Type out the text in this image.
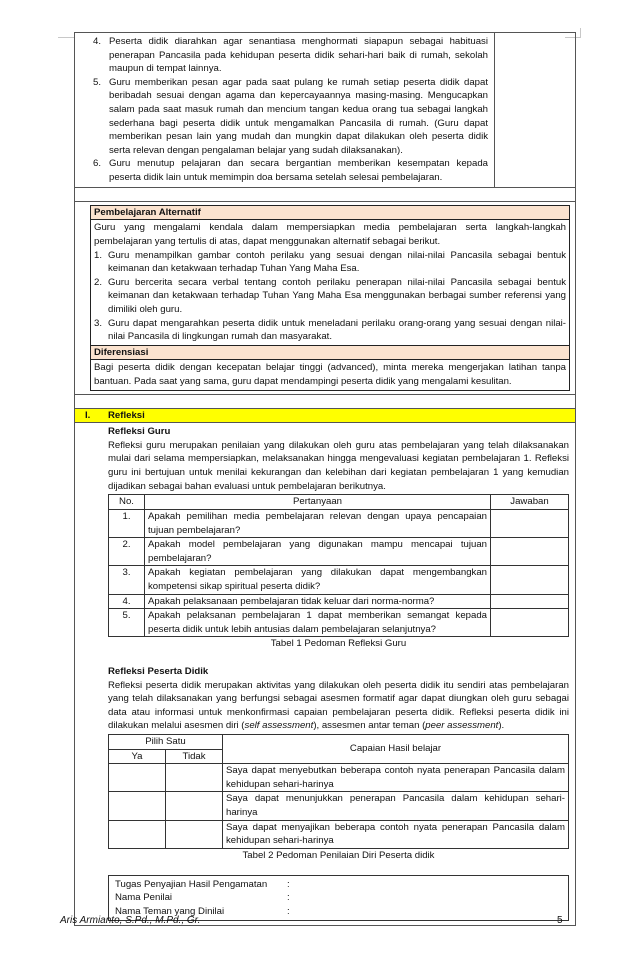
4. Peserta didik diarahkan agar senantiasa menghormati siapapun sebagai habituasi penerapan Pancasila pada kehidupan peserta didik sehari-hari baik di rumah, sekolah maupun di tempat lainnya.
5. Guru memberikan pesan agar pada saat pulang ke rumah setiap peserta didik dapat beribadah sesuai dengan agama dan kepercayaannya masing-masing. Mengucapkan salam pada saat masuk rumah dan mencium tangan kedua orang tua sebagai langkah sederhana bagi peserta didik untuk mengamalkan Pancasila di rumah. (Guru dapat memberikan pesan lain yang mudah dan mungkin dapat dilakukan oleh peserta didik serta relevan dengan pengalaman belajar yang sudah dilaksanakan).
6. Guru menutup pelajaran dan secara bergantian memberikan kesempatan kepada peserta didik lain untuk memimpin doa bersama setelah selesai pembelajaran.
Pembelajaran Alternatif
Guru yang mengalami kendala dalam mempersiapkan media pembelajaran serta langkah-langkah pembelajaran yang tertulis di atas, dapat menggunakan alternatif sebagai berikut.
1. Guru menampilkan gambar contoh perilaku yang sesuai dengan nilai-nilai Pancasila sebagai bentuk keimanan dan ketakwaan terhadap Tuhan Yang Maha Esa.
2. Guru bercerita secara verbal tentang contoh perilaku penerapan nilai-nilai Pancasila sebagai bentuk keimanan dan ketakwaan terhadap Tuhan Yang Maha Esa menggunakan berbagai sumber referensi yang dimiliki oleh guru.
3. Guru dapat mengarahkan peserta didik untuk meneladani perilaku orang-orang yang sesuai dengan nilai-nilai Pancasila di lingkungan rumah dan masyarakat.
Diferensiasi
Bagi peserta didik dengan kecepatan belajar tinggi (advanced), minta mereka mengerjakan latihan tanpa bantuan. Pada saat yang sama, guru dapat mendampingi peserta didik yang mengalami kesulitan.
I.	Refleksi
Refleksi Guru
Refleksi guru merupakan penilaian yang dilakukan oleh guru atas pembelajaran yang telah dilaksanakan mulai dari selama mempersiapkan, melaksanakan hingga mengevaluasi kegiatan pembelajaran 1. Refleksi guru ini bertujuan untuk menilai kekurangan dan kelebihan dari kegiatan pembelajaran 1 yang kemudian dijadikan sebagai bahan evaluasi untuk pembelajaran berikutnya.
No.	Pertanyaan	Jawaban
1.	Apakah pemilihan media pembelajaran relevan dengan upaya pencapaian tujuan pembelajaran?	
2.	Apakah model pembelajaran yang digunakan mampu mencapai tujuan pembelajaran?	
3.	Apakah kegiatan pembelajaran yang dilakukan dapat mengembangkan kompetensi sikap spiritual peserta didik?	
4.	Apakah pelaksanaan pembelajaran tidak keluar dari norma-norma?	
5.	Apakah pelaksanan pembelajaran 1 dapat memberikan semangat kepada peserta didik untuk lebih antusias dalam pembelajaran selanjutnya?	
Tabel 1 Pedoman Refleksi Guru
Refleksi Peserta Didik
Refleksi peserta didik merupakan aktivitas yang dilakukan oleh peserta didik itu sendiri atas pembelajaran yang telah dilaksanakan yang berfungsi sebagai asesmen formatif agar dapat diungkan oleh guru sebagai data atau informasi untuk menkonfirmasi capaian pembelajaran peserta didik. Refleksi peserta didik ini dilakukan melalui asesmen diri (self assessment), assesmen antar teman (peer assessment).
Pilih Satu		Capaian Hasil belajar
Ya	Tidak	
		Saya dapat menyebutkan beberapa contoh nyata penerapan Pancasila dalam kehidupan sehari-harinya
		Saya dapat menunjukkan penerapan Pancasila dalam kehidupan sehari-harinya
		Saya dapat menyajikan beberapa contoh nyata penerapan Pancasila dalam kehidupan sehari-harinya
Tabel 2 Pedoman Penilaian Diri Peserta didik
Tugas Penyajian Hasil Pengamatan	:
Nama Penilai	:
Nama Teman yang Dinilai	:
Aris Armianto, S.Pd., M.Pd., Gr.	5
